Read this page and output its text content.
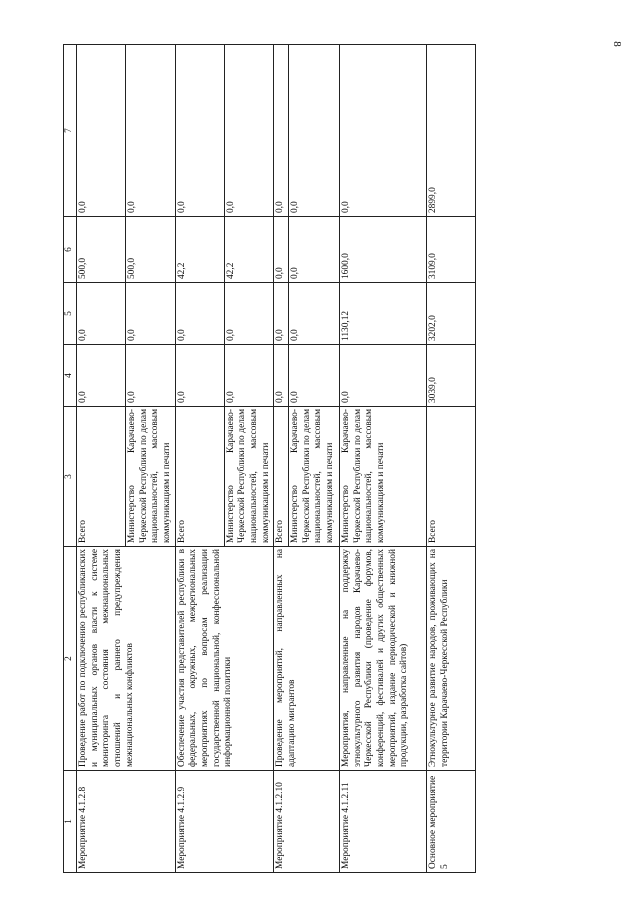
8
1	2	3	4	5	6	7
Мероприятие 4.1.2.8	Проведение работ по подключению республиканских и муниципальных органов власти к системе мониторинга состояния межнациональных отношений и раннего предупреждения межнациональных конфликтов	Всего	0,0	0,0	500,0	0,0
		Министерство Карачаево-Черкесской Республики по делам национальностей, массовым коммуникациям и печати	0,0	0,0	500,0	0,0
Мероприятие 4.1.2.9	Обеспечение участия представителей республики в федеральных, окружных, межрегиональных мероприятиях по вопросам реализации государственной национальной, конфессиональной информационной политики	Всего	0,0	0,0	42,2	0,0
		Министерство Карачаево-Черкесской Республики по делам национальностей, массовым коммуникациям и печати	0,0	0,0	42,2	0,0
Мероприятие 4.1.2.10	Проведение мероприятий, направленных на адаптацию мигрантов	Всего	0,0	0,0	0,0	0,0
		Министерство Карачаево-Черкесской Республики по делам национальностей, массовым коммуникациям и печати	0,0	0,0	0,0	0,0
Мероприятие 4.1.2.11	Мероприятия, направленные на поддержку этнокультурного развития народов Карачаево-Черкесской Республики (проведение форумов, конференций, фестивалей и других общественных мероприятий, издание периодической и книжной продукции, разработка сайтов)	Министерство Карачаево-Черкесской Республики по делам национальностей, массовым коммуникациям и печати	0,0	1130,12	1600,0	0,0
Основное мероприятие 5	Этнокультурное развитие народов, проживающих на территории Карачаево-Черкесской Республики	Всего	3039,0	3202,0	3109,0	2899,0
